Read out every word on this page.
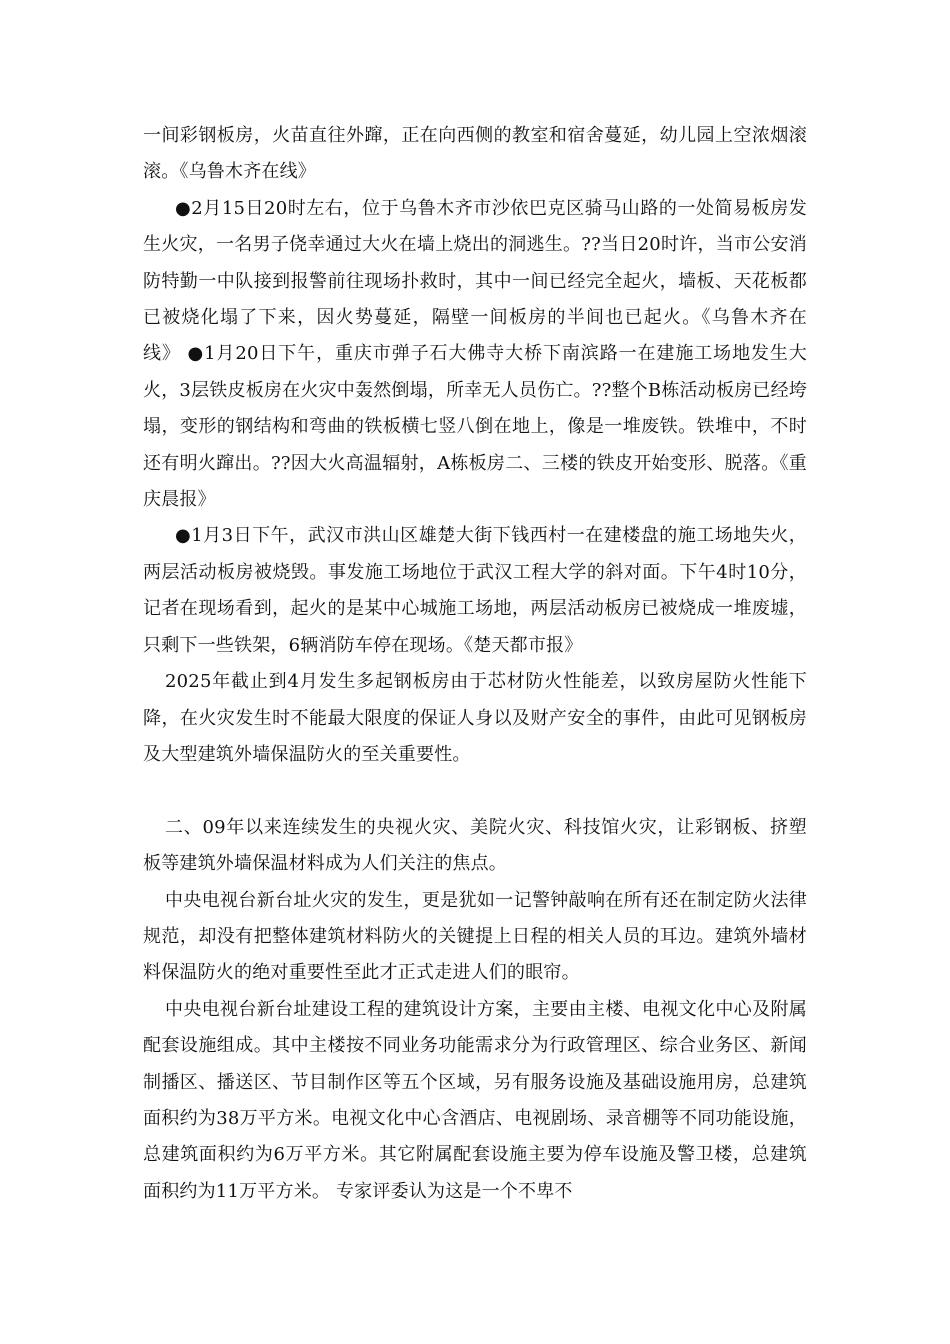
一间彩钢板房，火苗直往外蹿，正在向西侧的教室和宿舍蔓延，幼儿园上空浓烟滚滚。《乌鲁木齐在线》

●2月15日20时左右，位于乌鲁木齐市沙依巴克区骑马山路的一处简易板房发生火灾，一名男子侥幸通过大火在墙上烧出的洞逃生。??当日20时许，当市公安消防特勤一中队接到报警前往现场扑救时，其中一间已经完全起火，墙板、天花板都已被烧化塌了下来，因火势蔓延，隔壁一间板房的半间也已起火。《乌鲁木齐在线》 ●1月20日下午，重庆市弹子石大佛寺大桥下南滨路一在建施工场地发生大火，3层铁皮板房在火灾中轰然倒塌，所幸无人员伤亡。??整个B栋活动板房已经垮塌，变形的钢结构和弯曲的铁板横七竖八倒在地上，像是一堆废铁。铁堆中，不时还有明火蹿出。??因大火高温辐射，A栋板房二、三楼的铁皮开始变形、脱落。《重庆晨报》

●1月3日下午，武汉市洪山区雄楚大街下钱西村一在建楼盘的施工场地失火，两层活动板房被烧毁。事发施工场地位于武汉工程大学的斜对面。下午4时10分，记者在现场看到，起火的是某中心城施工场地，两层活动板房已被烧成一堆废墟，只剩下一些铁架，6辆消防车停在现场。《楚天都市报》

2025年截止到4月发生多起钢板房由于芯材防火性能差，以致房屋防火性能下降，在火灾发生时不能最大限度的保证人身以及财产安全的事件，由此可见钢板房及大型建筑外墙保温防火的至关重要性。

二、09年以来连续发生的央视火灾、美院火灾、科技馆火灾，让彩钢板、挤塑板等建筑外墙保温材料成为人们关注的焦点。

中央电视台新台址火灾的发生，更是犹如一记警钟敲响在所有还在制定防火法律规范，却没有把整体建筑材料防火的关键提上日程的相关人员的耳边。建筑外墙材料保温防火的绝对重要性至此才正式走进人们的眼帘。

中央电视台新台址建设工程的建筑设计方案，主要由主楼、电视文化中心及附属配套设施组成。其中主楼按不同业务功能需求分为行政管理区、综合业务区、新闻制播区、播送区、节目制作区等五个区域，另有服务设施及基础设施用房，总建筑面积约为38万平方米。电视文化中心含酒店、电视剧场、录音棚等不同功能设施，总建筑面积约为6万平方米。其它附属配套设施主要为停车设施及警卫楼，总建筑面积约为11万平方米。 专家评委认为这是一个不卑不
